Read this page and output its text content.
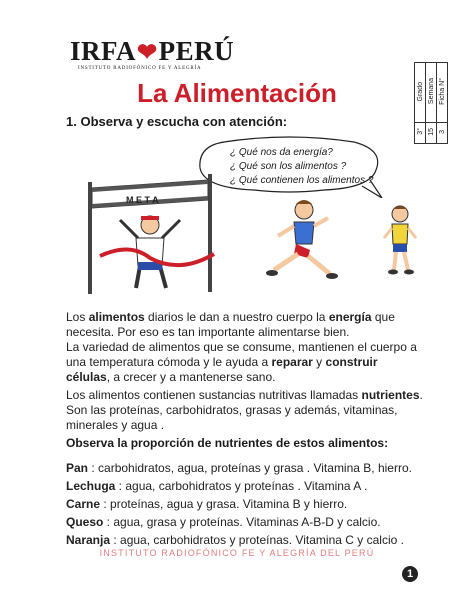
IRFA❤PERÚ
INSTITUTO RADIOFÓNICO FE Y ALEGRÍA
La Alimentación	Grado	Semana	Ficha N°
3°	15	3
1. Observa y escucha con atención:
¿ Qué nos da energía?
¿ Qué son los alimentos ?
¿ Qué contienen los alimentos ?
M E T A
Los alimentos diarios le dan a nuestro cuerpo la energía que
necesita. Por eso es tan importante alimentarse bien.
La variedad de alimentos que se consume, mantienen el cuerpo a
una temperatura cómoda y le ayuda a reparar y construir
células, a crecer y a mantenerse sano.
Los alimentos contienen sustancias nutritivas llamadas nutrientes.
Son las proteínas, carbohidratos, grasas y además, vitaminas,
minerales y agua .
Observa la proporción de nutrientes de estos alimentos:
Pan : carbohidratos, agua, proteínas y grasa . Vitamina B, hierro.
Lechuga : agua, carbohidratos y proteínas . Vitamina A .
Carne : proteínas, agua y grasa. Vitamina B y hierro.
Queso : agua, grasa y proteínas. Vitaminas A-B-D y calcio.
Naranja : agua, carbohidratos y proteínas. Vitamina C y calcio .
INSTITUTO RADIOFÓNICO FE Y ALEGRÍA DEL PERÚ
1
